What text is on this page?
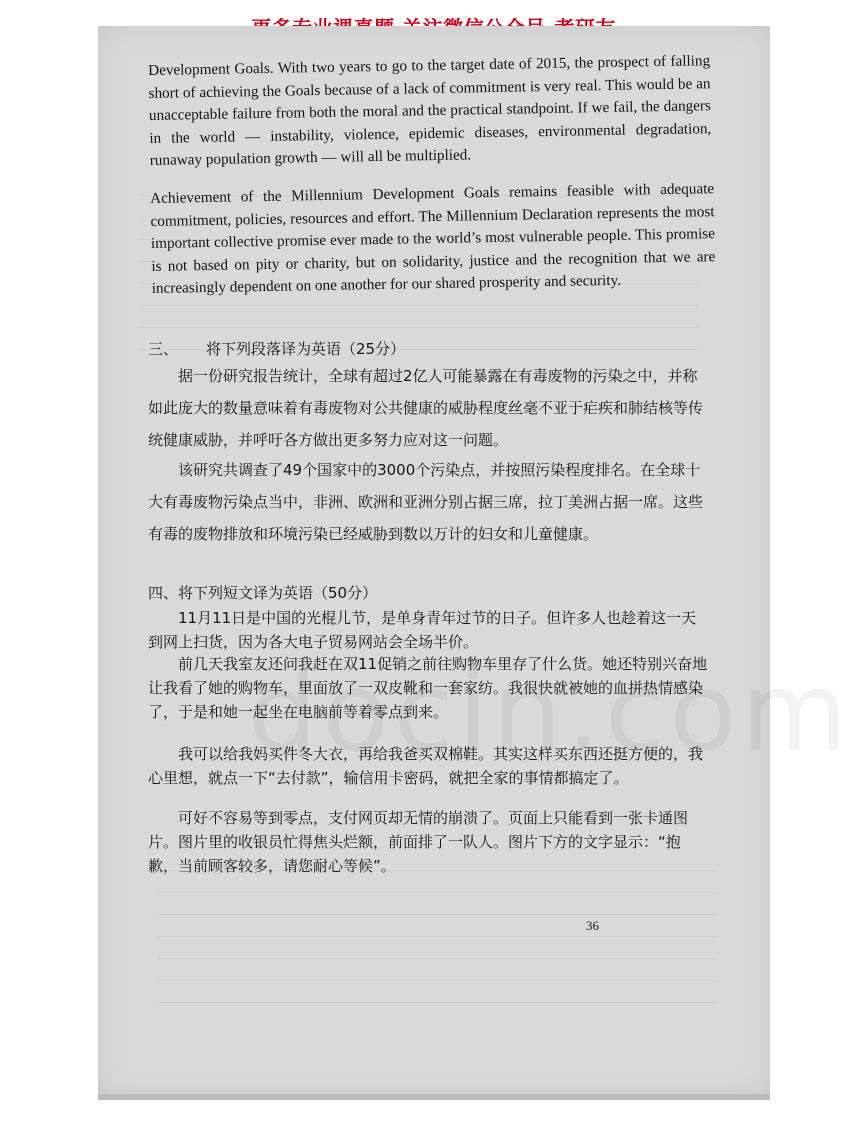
Development Goals. With two years to go to the target date of 2015, the prospect of falling short of achieving the Goals because of a lack of commitment is very real. This would be an unacceptable failure from both the moral and the practical standpoint. If we fail, the dangers in the world — instability, violence, epidemic diseases, environmental degradation, runaway population growth — will all be multiplied.

Achievement of the Millennium Development Goals remains feasible with adequate commitment, policies, resources and effort. The Millennium Declaration represents the most important collective promise ever made to the world’s most vulnerable people. This promise is not based on pity or charity, but on solidarity, justice and the recognition that we are increasingly dependent on one another for our shared prosperity and security.

三、 将下列段落译为英语（25分）

据一份研究报告统计，全球有超过2亿人可能暴露在有毒废物的污染之中，并称如此庞大的数量意味着有毒废物对公共健康的威胁程度丝毫不亚于疟疾和肺结核等传统健康威胁，并呼吁各方做出更多努力应对这一问题。

该研究共调查了49个国家中的3000个污染点，并按照污染程度排名。在全球十大有毒废物污染点当中，非洲、欧洲和亚洲分别占据三席，拉丁美洲占据一席。这些有毒的废物排放和环境污染已经威胁到数以万计的妇女和儿童健康。

四、将下列短文译为英语（50分）

11月11日是中国的光棍儿节，是单身青年过节的日子。但许多人也趁着这一天到网上扫货，因为各大电子贸易网站会全场半价。

前几天我室友还问我赶在双11促销之前往购物车里存了什么货。她还特别兴奋地让我看了她的购物车，里面放了一双皮靴和一套家纺。我很快就被她的血拼热情感染了，于是和她一起坐在电脑前等着零点到来。

我可以给我妈买件冬大衣，再给我爸买双棉鞋。其实这样买东西还挺方便的，我心里想，就点一下“去付款”，输信用卡密码，就把全家的事情都搞定了。

可好不容易等到零点，支付网页却无情的崩溃了。页面上只能看到一张卡通图片。图片里的收银员忙得焦头烂额，前面排了一队人。图片下方的文字显示：“抱歉，当前顾客较多，请您耐心等候”。

36
